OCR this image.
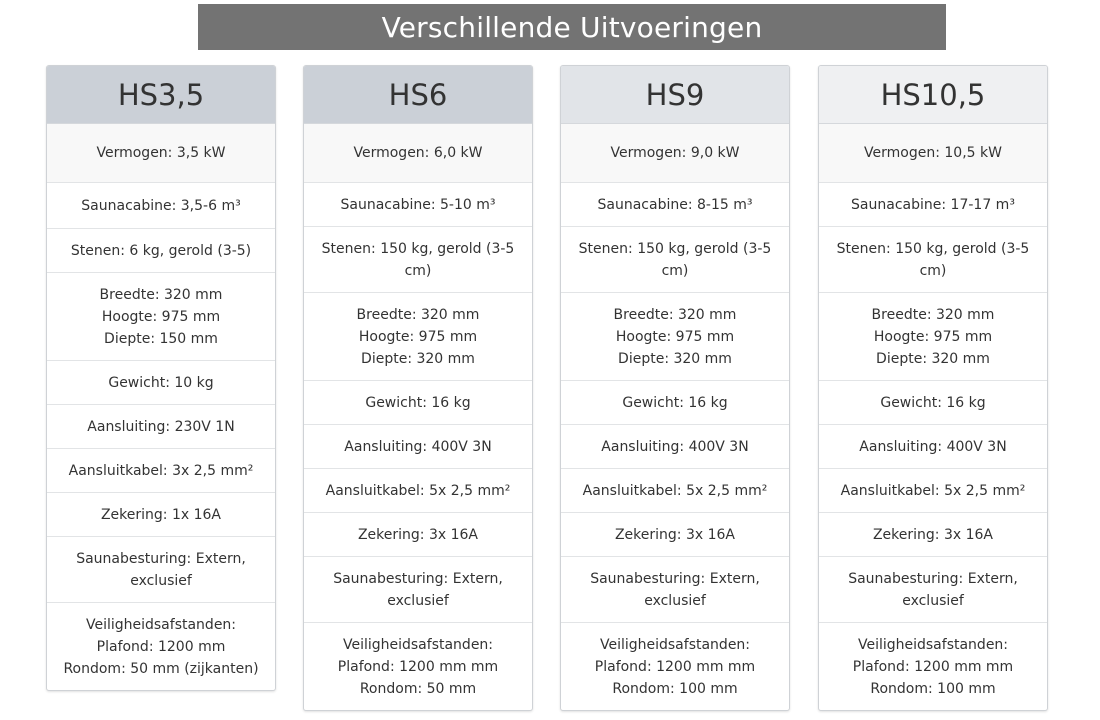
Verschillende Uitvoeringen
HS3,5
Vermogen: 3,5 kW
Saunacabine: 3,5-6 m³
Stenen: 6 kg, gerold (3-5)
Breedte: 320 mm
Hoogte: 975 mm
Diepte: 150 mm
Gewicht: 10 kg
Aansluiting: 230V 1N
Aansluitkabel: 3x 2,5 mm²
Zekering: 1x 16A
Saunabesturing: Extern,
exclusief
Veiligheidsafstanden:
Plafond: 1200 mm
Rondom: 50 mm (zijkanten)
HS6
Vermogen: 6,0 kW
Saunacabine: 5-10 m³
Stenen: 150 kg, gerold (3-5
cm)
Breedte: 320 mm
Hoogte: 975 mm
Diepte: 320 mm
Gewicht: 16 kg
Aansluiting: 400V 3N
Aansluitkabel: 5x 2,5 mm²
Zekering: 3x 16A
Saunabesturing: Extern,
exclusief
Veiligheidsafstanden:
Plafond: 1200 mm mm
Rondom: 50 mm
HS9
Vermogen: 9,0 kW
Saunacabine: 8-15 m³
Stenen: 150 kg, gerold (3-5
cm)
Breedte: 320 mm
Hoogte: 975 mm
Diepte: 320 mm
Gewicht: 16 kg
Aansluiting: 400V 3N
Aansluitkabel: 5x 2,5 mm²
Zekering: 3x 16A
Saunabesturing: Extern,
exclusief
Veiligheidsafstanden:
Plafond: 1200 mm mm
Rondom: 100 mm
HS10,5
Vermogen: 10,5 kW
Saunacabine: 17-17 m³
Stenen: 150 kg, gerold (3-5
cm)
Breedte: 320 mm
Hoogte: 975 mm
Diepte: 320 mm
Gewicht: 16 kg
Aansluiting: 400V 3N
Aansluitkabel: 5x 2,5 mm²
Zekering: 3x 16A
Saunabesturing: Extern,
exclusief
Veiligheidsafstanden:
Plafond: 1200 mm mm
Rondom: 100 mm
